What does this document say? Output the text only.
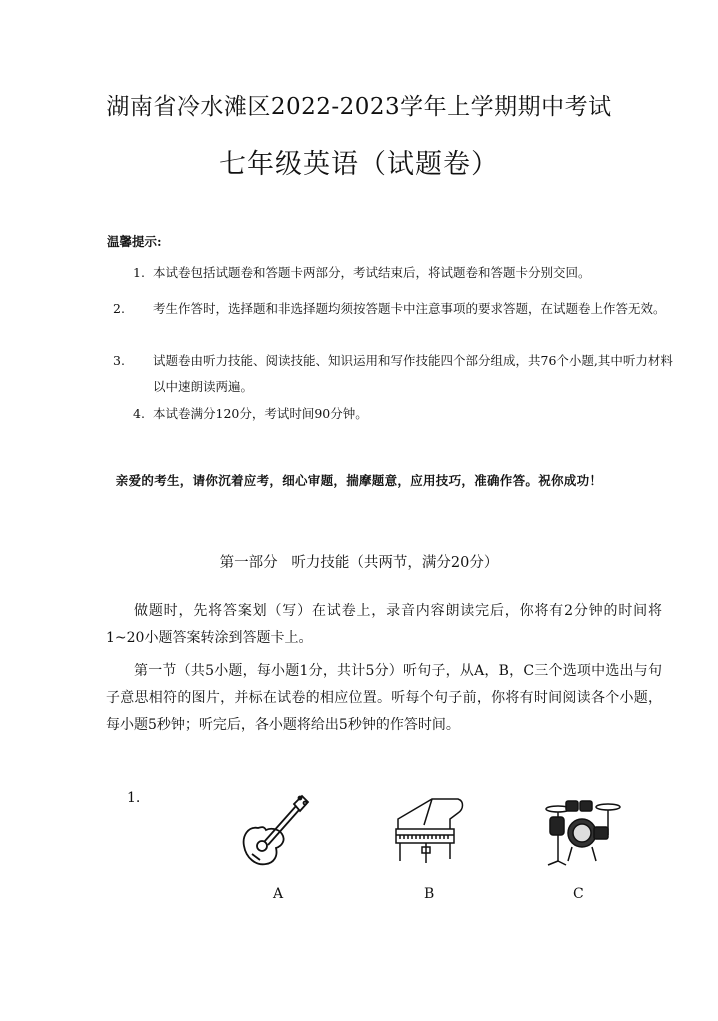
湖南省冷水滩区2022-2023学年上学期期中考试
七年级英语（试题卷）
温馨提示:
1. 本试卷包括试题卷和答题卡两部分，考试结束后，将试题卷和答题卡分别交回。
2. 考生作答时，选择题和非选择题均须按答题卡中注意事项的要求答题，在试题卷上作答无效。
3. 试题卷由听力技能、阅读技能、知识运用和写作技能四个部分组成，共76个小题,其中听力材料以中速朗读两遍。
4. 本试卷满分120分，考试时间90分钟。
亲爱的考生，请你沉着应考，细心审题，揣摩题意，应用技巧，准确作答。祝你成功！
第一部分   听力技能（共两节，满分20分）
做题时，先将答案划（写）在试卷上，录音内容朗读完后，你将有2分钟的时间将1~20小题答案转涂到答题卡上。
第一节（共5小题，每小题1分，共计5分）听句子，从A，B，C三个选项中选出与句子意思相符的图片，并标在试卷的相应位置。听每个句子前，你将有时间阅读各个小题，每小题5秒钟；听完后，各小题将给出5秒钟的作答时间。
1.

A	B	C
